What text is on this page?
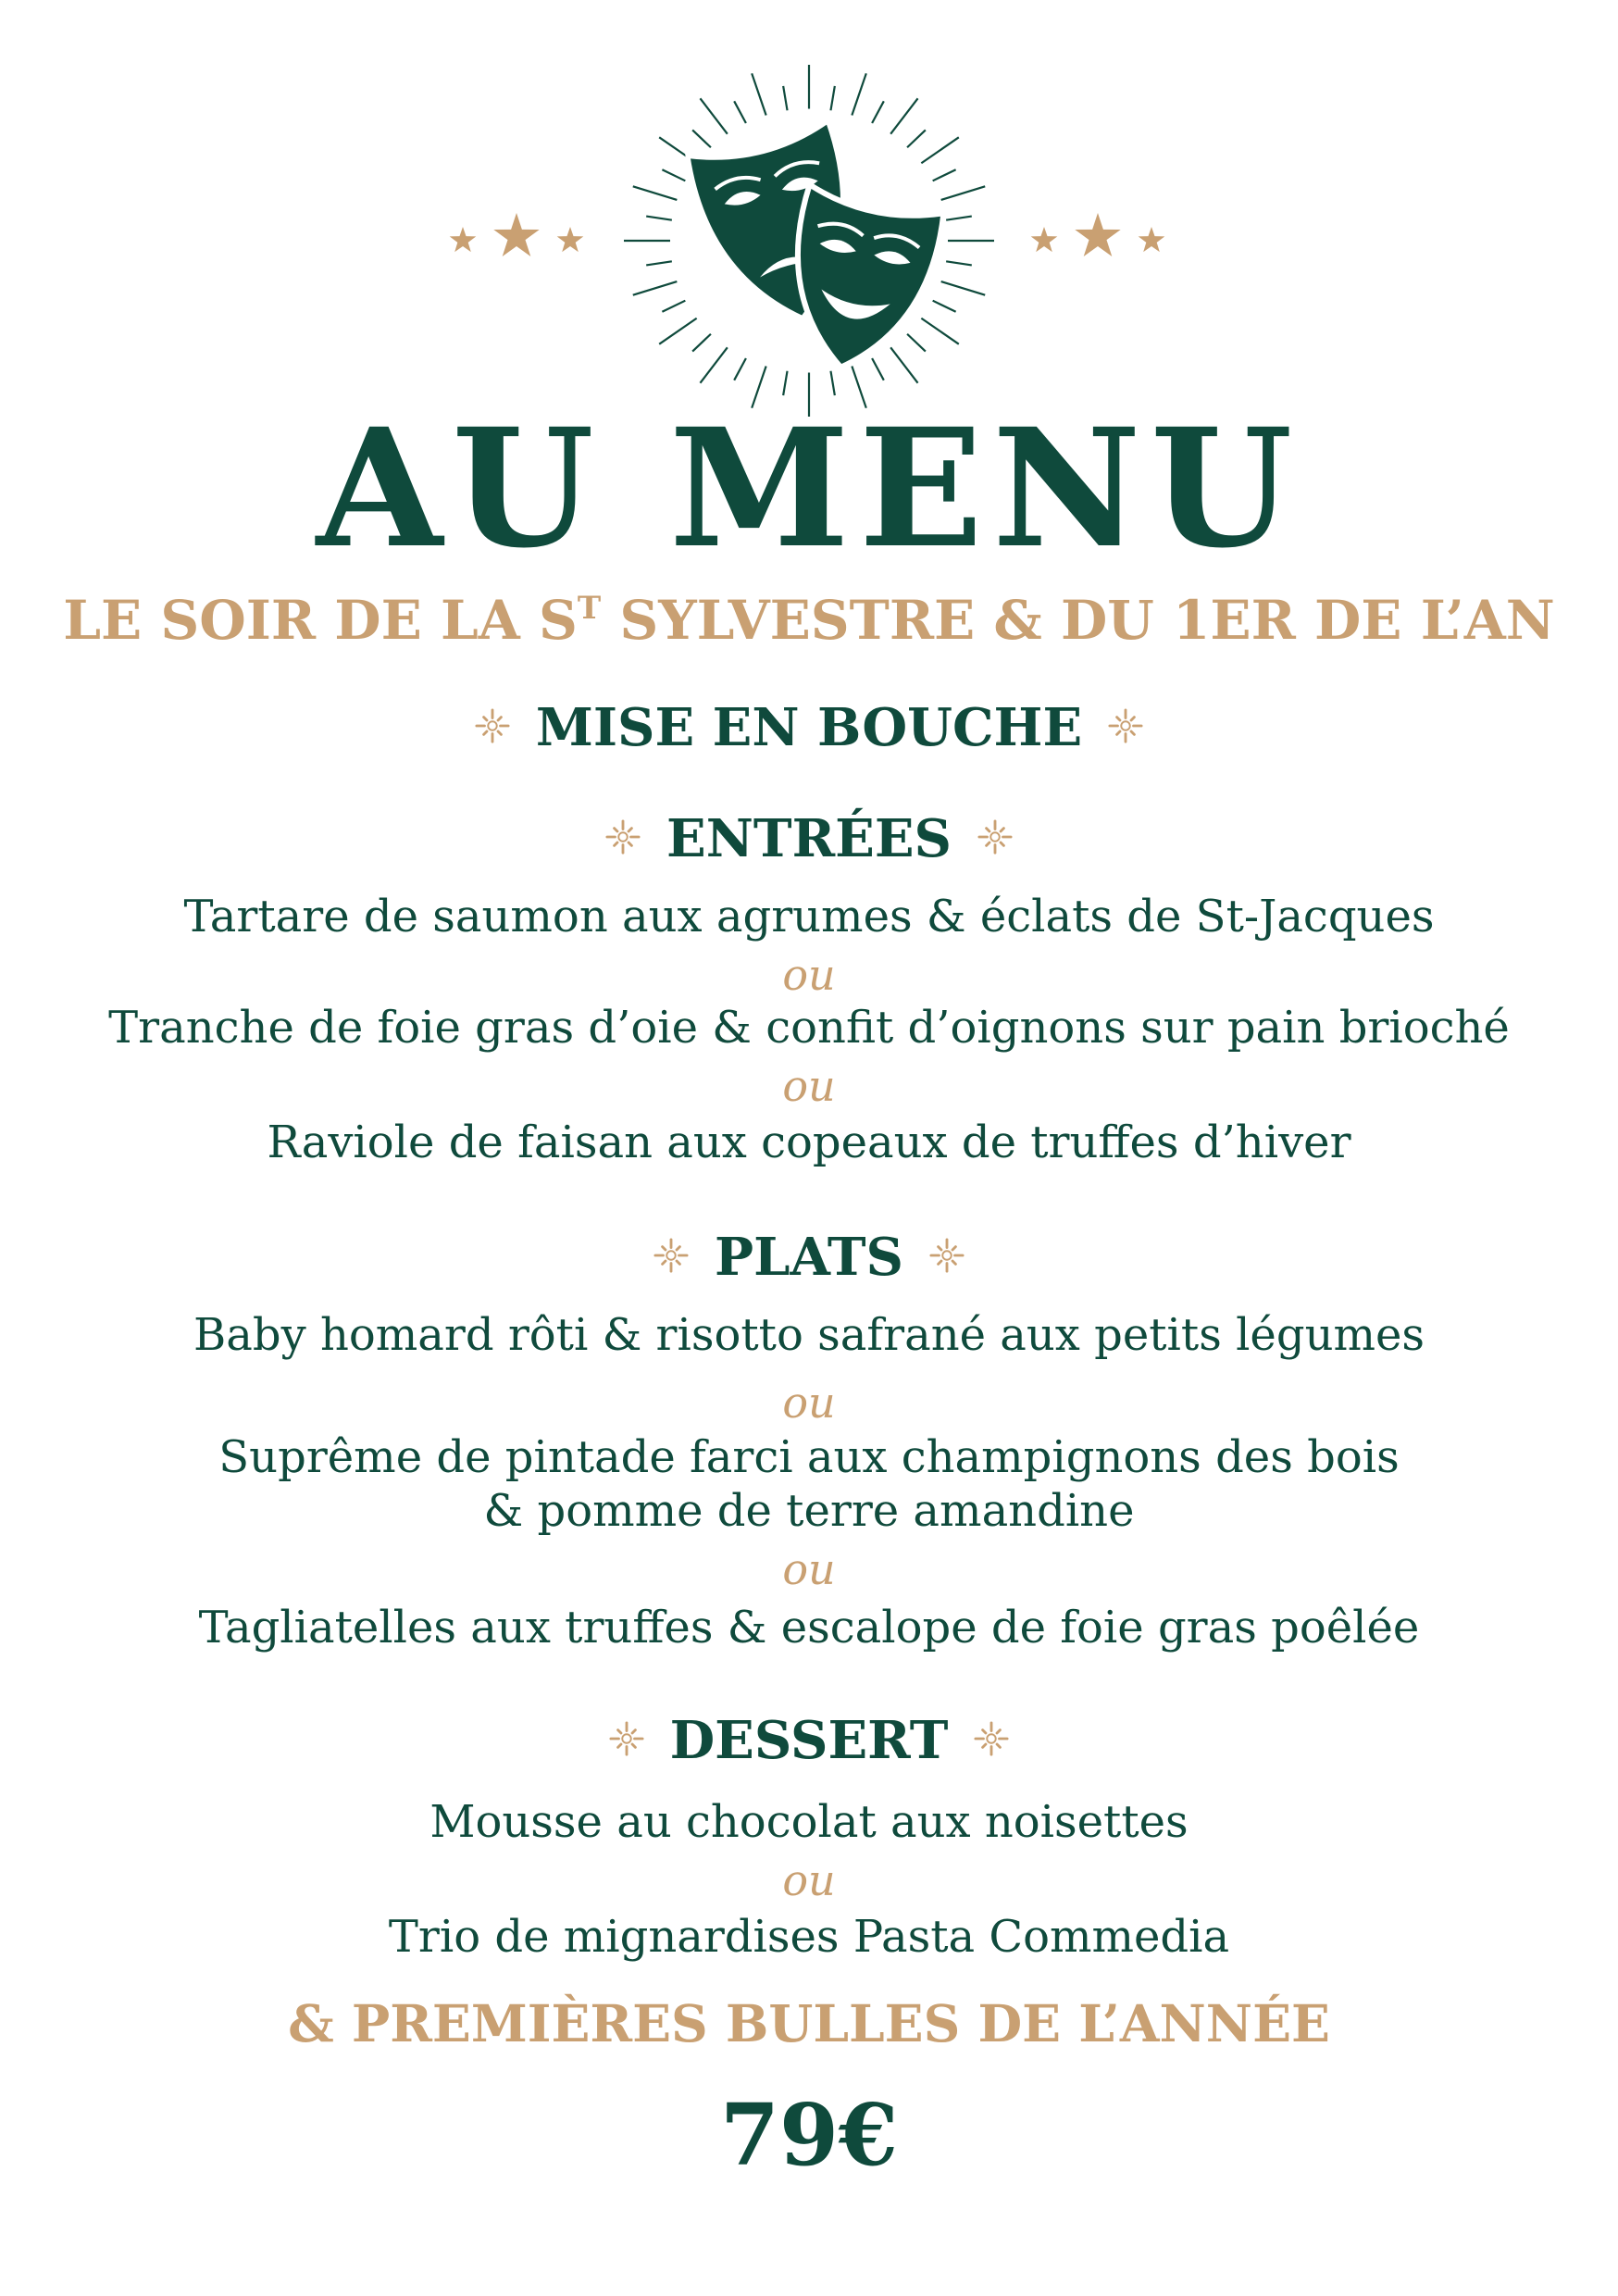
AU MENU
LE SOIR DE LA $S^T$ SYLVESTRE & DU 1ER DE L’AN
MISE EN BOUCHE
ENTRÉES
Tartare de saumon aux agrumes & éclats de St-Jacques
ou
Tranche de foie gras d’oie & confit d’oignons sur pain brioché
ou
Raviole de faisan aux copeaux de truffes d’hiver
PLATS
Baby homard rôti & risotto safrané aux petits légumes
ou
Suprême de pintade farci aux champignons des bois
& pomme de terre amandine
ou
Tagliatelles aux truffes & escalope de foie gras poêlée
DESSERT
Mousse au chocolat aux noisettes
ou
Trio de mignardises Pasta Commedia
& PREMIÈRES BULLES DE L’ANNÉE
79€
